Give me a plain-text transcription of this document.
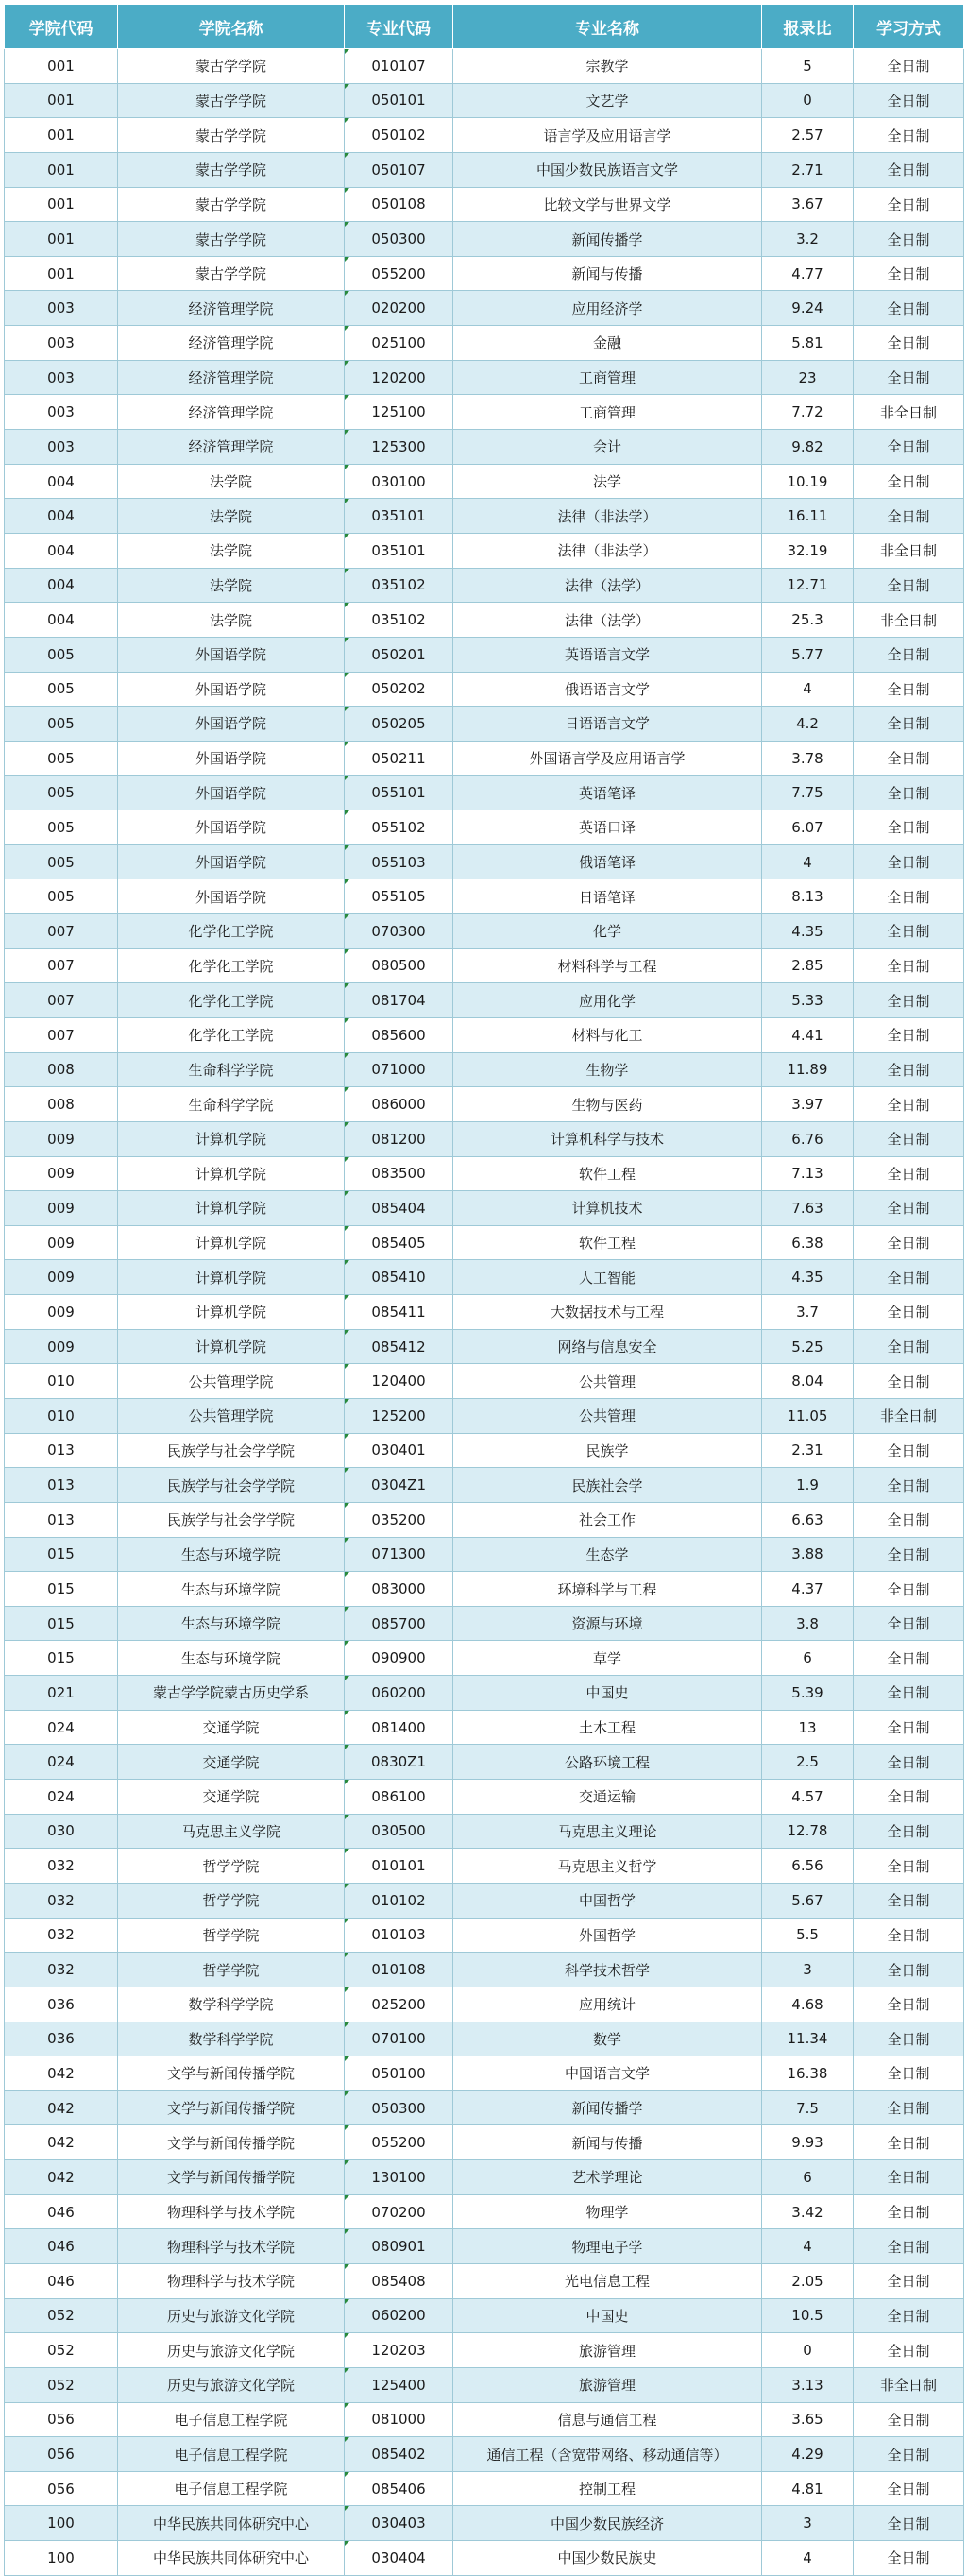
学院代码	学院名称	专业代码	专业名称	报录比	学习方式
001	蒙古学学院	010107	宗教学	5	全日制
001	蒙古学学院	050101	文艺学	0	全日制
001	蒙古学学院	050102	语言学及应用语言学	2.57	全日制
001	蒙古学学院	050107	中国少数民族语言文学	2.71	全日制
001	蒙古学学院	050108	比较文学与世界文学	3.67	全日制
001	蒙古学学院	050300	新闻传播学	3.2	全日制
001	蒙古学学院	055200	新闻与传播	4.77	全日制
003	经济管理学院	020200	应用经济学	9.24	全日制
003	经济管理学院	025100	金融	5.81	全日制
003	经济管理学院	120200	工商管理	23	全日制
003	经济管理学院	125100	工商管理	7.72	非全日制
003	经济管理学院	125300	会计	9.82	全日制
004	法学院	030100	法学	10.19	全日制
004	法学院	035101	法律（非法学）	16.11	全日制
004	法学院	035101	法律（非法学）	32.19	非全日制
004	法学院	035102	法律（法学）	12.71	全日制
004	法学院	035102	法律（法学）	25.3	非全日制
005	外国语学院	050201	英语语言文学	5.77	全日制
005	外国语学院	050202	俄语语言文学	4	全日制
005	外国语学院	050205	日语语言文学	4.2	全日制
005	外国语学院	050211	外国语言学及应用语言学	3.78	全日制
005	外国语学院	055101	英语笔译	7.75	全日制
005	外国语学院	055102	英语口译	6.07	全日制
005	外国语学院	055103	俄语笔译	4	全日制
005	外国语学院	055105	日语笔译	8.13	全日制
007	化学化工学院	070300	化学	4.35	全日制
007	化学化工学院	080500	材料科学与工程	2.85	全日制
007	化学化工学院	081704	应用化学	5.33	全日制
007	化学化工学院	085600	材料与化工	4.41	全日制
008	生命科学学院	071000	生物学	11.89	全日制
008	生命科学学院	086000	生物与医药	3.97	全日制
009	计算机学院	081200	计算机科学与技术	6.76	全日制
009	计算机学院	083500	软件工程	7.13	全日制
009	计算机学院	085404	计算机技术	7.63	全日制
009	计算机学院	085405	软件工程	6.38	全日制
009	计算机学院	085410	人工智能	4.35	全日制
009	计算机学院	085411	大数据技术与工程	3.7	全日制
009	计算机学院	085412	网络与信息安全	5.25	全日制
010	公共管理学院	120400	公共管理	8.04	全日制
010	公共管理学院	125200	公共管理	11.05	非全日制
013	民族学与社会学学院	030401	民族学	2.31	全日制
013	民族学与社会学学院	0304Z1	民族社会学	1.9	全日制
013	民族学与社会学学院	035200	社会工作	6.63	全日制
015	生态与环境学院	071300	生态学	3.88	全日制
015	生态与环境学院	083000	环境科学与工程	4.37	全日制
015	生态与环境学院	085700	资源与环境	3.8	全日制
015	生态与环境学院	090900	草学	6	全日制
021	蒙古学学院蒙古历史学系	060200	中国史	5.39	全日制
024	交通学院	081400	土木工程	13	全日制
024	交通学院	0830Z1	公路环境工程	2.5	全日制
024	交通学院	086100	交通运输	4.57	全日制
030	马克思主义学院	030500	马克思主义理论	12.78	全日制
032	哲学学院	010101	马克思主义哲学	6.56	全日制
032	哲学学院	010102	中国哲学	5.67	全日制
032	哲学学院	010103	外国哲学	5.5	全日制
032	哲学学院	010108	科学技术哲学	3	全日制
036	数学科学学院	025200	应用统计	4.68	全日制
036	数学科学学院	070100	数学	11.34	全日制
042	文学与新闻传播学院	050100	中国语言文学	16.38	全日制
042	文学与新闻传播学院	050300	新闻传播学	7.5	全日制
042	文学与新闻传播学院	055200	新闻与传播	9.93	全日制
042	文学与新闻传播学院	130100	艺术学理论	6	全日制
046	物理科学与技术学院	070200	物理学	3.42	全日制
046	物理科学与技术学院	080901	物理电子学	4	全日制
046	物理科学与技术学院	085408	光电信息工程	2.05	全日制
052	历史与旅游文化学院	060200	中国史	10.5	全日制
052	历史与旅游文化学院	120203	旅游管理	0	全日制
052	历史与旅游文化学院	125400	旅游管理	3.13	非全日制
056	电子信息工程学院	081000	信息与通信工程	3.65	全日制
056	电子信息工程学院	085402	通信工程（含宽带网络、移动通信等）	4.29	全日制
056	电子信息工程学院	085406	控制工程	4.81	全日制
100	中华民族共同体研究中心	030403	中国少数民族经济	3	全日制
100	中华民族共同体研究中心	030404	中国少数民族史	4	全日制
